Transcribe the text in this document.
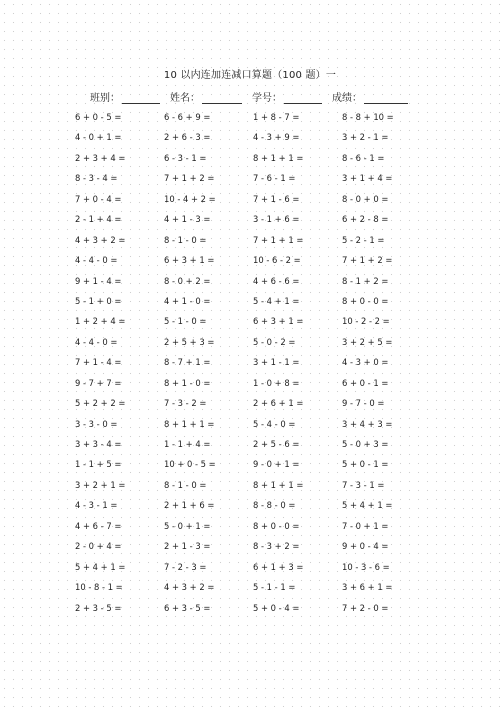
10 以内连加连减口算题（100 题）一
班别：	姓名：	学号：	成绩：
6 + 0 - 5 =	6 - 6 + 9 =	1 + 8 - 7 =	8 - 8 + 10 =
4 - 0 + 1 =	2 + 6 - 3 =	4 - 3 + 9 =	3 + 2 - 1 =
2 + 3 + 4 =	6 - 3 - 1 =	8 + 1 + 1 =	8 - 6 - 1 =
8 - 3 - 4 =	7 + 1 + 2 =	7 - 6 - 1 =	3 + 1 + 4 =
7 + 0 - 4 =	10 - 4 + 2 =	7 + 1 - 6 =	8 - 0 + 0 =
2 - 1 + 4 =	4 + 1 - 3 =	3 - 1 + 6 =	6 + 2 - 8 =
4 + 3 + 2 =	8 - 1 - 0 =	7 + 1 + 1 =	5 - 2 - 1 =
4 - 4 - 0 =	6 + 3 + 1 =	10 - 6 - 2 =	7 + 1 + 2 =
9 + 1 - 4 =	8 - 0 + 2 =	4 + 6 - 6 =	8 - 1 + 2 =
5 - 1 + 0 =	4 + 1 - 0 =	5 - 4 + 1 =	8 + 0 - 0 =
1 + 2 + 4 =	5 - 1 - 0 =	6 + 3 + 1 =	10 - 2 - 2 =
4 - 4 - 0 =	2 + 5 + 3 =	5 - 0 - 2 =	3 + 2 + 5 =
7 + 1 - 4 =	8 - 7 + 1 =	3 + 1 - 1 =	4 - 3 + 0 =
9 - 7 + 7 =	8 + 1 - 0 =	1 - 0 + 8 =	6 + 0 - 1 =
5 + 2 + 2 =	7 - 3 - 2 =	2 + 6 + 1 =	9 - 7 - 0 =
3 - 3 - 0 =	8 + 1 + 1 =	5 - 4 - 0 =	3 + 4 + 3 =
3 + 3 - 4 =	1 - 1 + 4 =	2 + 5 - 6 =	5 - 0 + 3 =
1 - 1 + 5 =	10 + 0 - 5 =	9 - 0 + 1 =	5 + 0 - 1 =
3 + 2 + 1 =	8 - 1 - 0 =	8 + 1 + 1 =	7 - 3 - 1 =
4 - 3 - 1 =	2 + 1 + 6 =	8 - 8 - 0 =	5 + 4 + 1 =
4 + 6 - 7 =	5 - 0 + 1 =	8 + 0 - 0 =	7 - 0 + 1 =
2 - 0 + 4 =	2 + 1 - 3 =	8 - 3 + 2 =	9 + 0 - 4 =
5 + 4 + 1 =	7 - 2 - 3 =	6 + 1 + 3 =	10 - 3 - 6 =
10 - 8 - 1 =	4 + 3 + 2 =	5 - 1 - 1 =	3 + 6 + 1 =
2 + 3 - 5 =	6 + 3 - 5 =	5 + 0 - 4 =	7 + 2 - 0 =
